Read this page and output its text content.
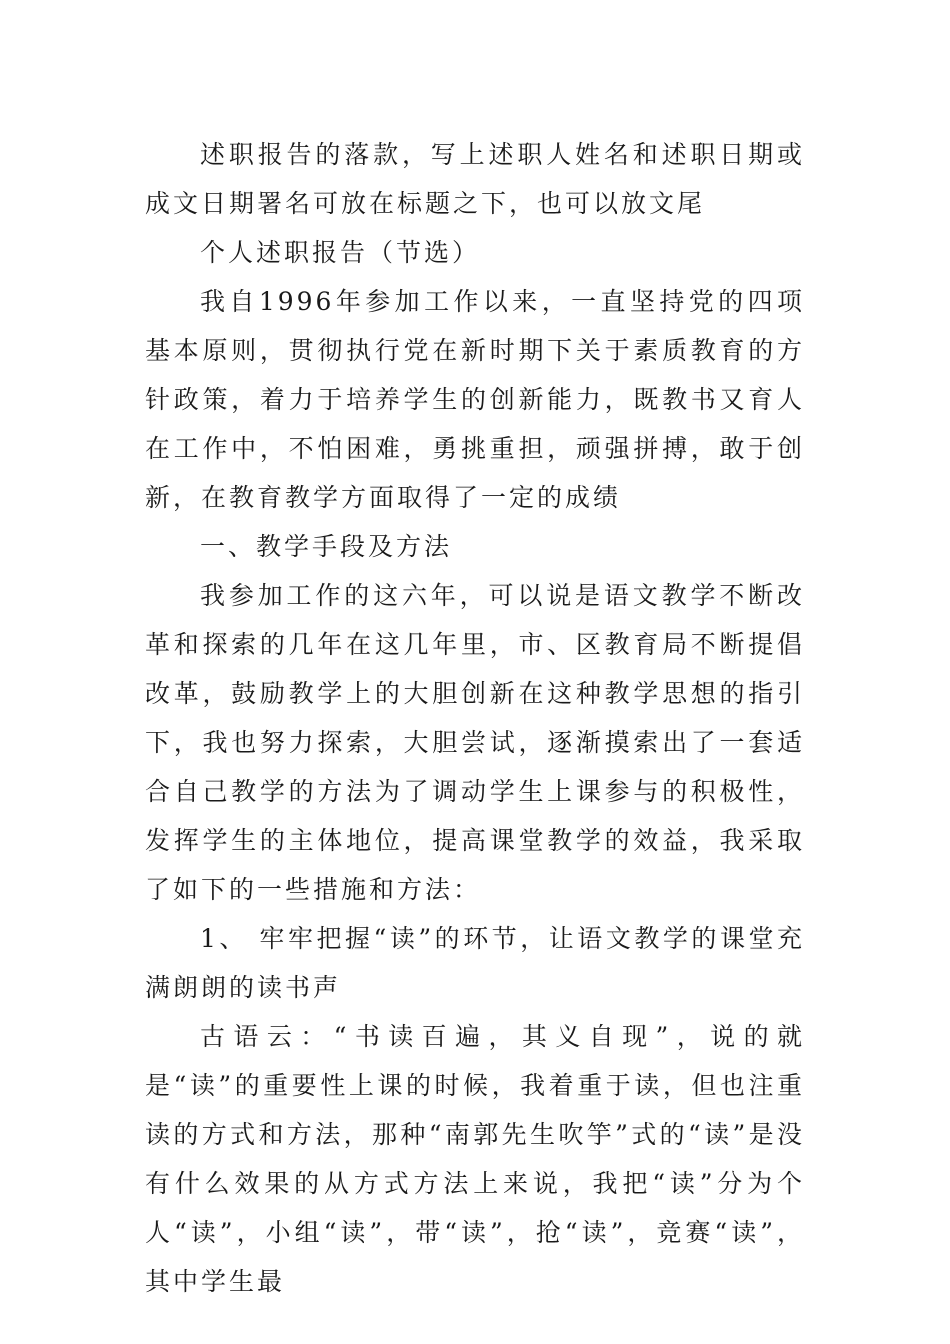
述职报告的落款，写上述职人姓名和述职日期或成文日期署名可放在标题之下，也可以放文尾

个人述职报告（节选）

我自1996年参加工作以来，一直坚持党的四项基本原则，贯彻执行党在新时期下关于素质教育的方针政策，着力于培养学生的创新能力，既教书又育人在工作中，不怕困难，勇挑重担，顽强拼搏，敢于创新，在教育教学方面取得了一定的成绩

一、教学手段及方法

我参加工作的这六年，可以说是语文教学不断改革和探索的几年在这几年里，市、区教育局不断提倡改革，鼓励教学上的大胆创新在这种教学思想的指引下，我也努力探索，大胆尝试，逐渐摸索出了一套适合自己教学的方法为了调动学生上课参与的积极性，发挥学生的主体地位，提高课堂教学的效益，我采取了如下的一些措施和方法：

1、 牢牢把握“读”的环节，让语文教学的课堂充满朗朗的读书声

古语云：“书读百遍，其义自现”，说的就是“读”的重要性上课的时候，我着重于读，但也注重读的方式和方法，那种“南郭先生吹竽”式的“读”是没有什么效果的从方式方法上来说，我把“读”分为个人“读”，小组“读”，带“读”，抢“读”，竞赛“读”，其中学生最
